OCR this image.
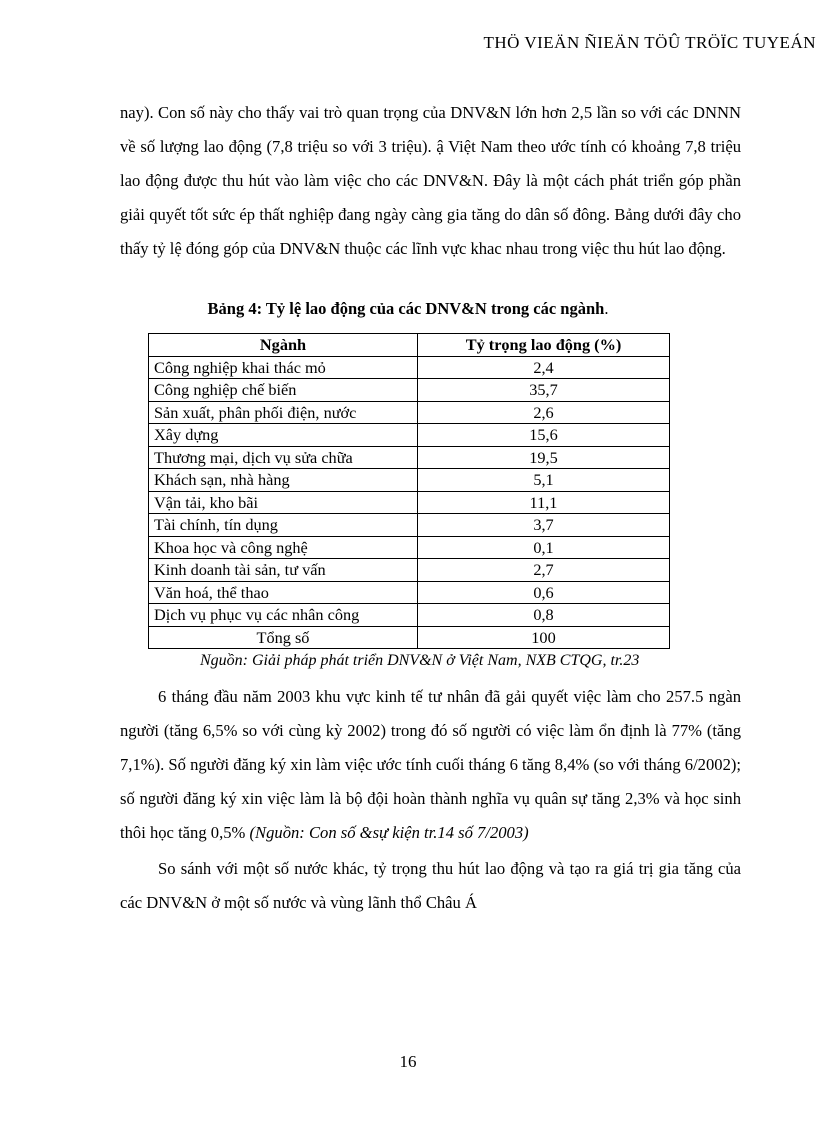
THÖ VIEÄN ÑIEÄN TÖÛ TRÖÏC TUYEÁN

nay). Con số này cho thấy vai trò quan trọng của DNV&N lớn hơn 2,5 lần so với các DNNN về số lượng lao động (7,8 triệu so với 3 triệu). ậ Việt Nam theo ước tính có khoảng 7,8 triệu lao động được thu hút vào làm việc cho các DNV&N. Đây là một cách phát triển góp phần giải quyết tốt sức ép thất nghiệp đang ngày càng gia tăng do dân số đông. Bảng dưới đây cho thấy tỷ lệ đóng góp của DNV&N thuộc các lĩnh vực khac nhau trong việc thu hút lao động.

Bảng 4: Tỷ lệ lao động của các DNV&N trong các ngành.
Ngành	Tỷ trọng lao động (%)
Công nghiệp khai thác mỏ	2,4
Công nghiệp chế biến	35,7
Sản xuất, phân phối điện, nước	2,6
Xây dựng	15,6
Thương mại, dịch vụ sửa chữa	19,5
Khách sạn, nhà hàng	5,1
Vận tải, kho bãi	11,1
Tài chính, tín dụng	3,7
Khoa học và công nghệ	0,1
Kinh doanh tài sản, tư vấn	2,7
Văn hoá, thể thao	0,6
Dịch vụ phục vụ các nhân công	0,8
Tổng số	100
Nguồn: Giải pháp phát triển DNV&N ở Việt Nam, NXB CTQG, tr.23

6 tháng đầu năm 2003 khu vực kinh tế tư nhân đã gải quyết việc làm cho 257.5 ngàn người (tăng 6,5% so với cùng kỳ 2002) trong đó số người có việc làm ổn định là 77% (tăng 7,1%). Số người đăng ký xin làm việc ước tính cuối tháng 6 tăng 8,4% (so với tháng 6/2002); số người đăng ký xin việc làm là bộ đội hoàn thành nghĩa vụ quân sự tăng 2,3% và học sinh thôi học tăng 0,5% (Nguồn: Con số &sự kiện tr.14 số 7/2003)

So sánh với một số nước khác, tỷ trọng thu hút lao động và tạo ra giá trị gia tăng của các DNV&N ở một số nước và vùng lãnh thổ Châu Á

16
